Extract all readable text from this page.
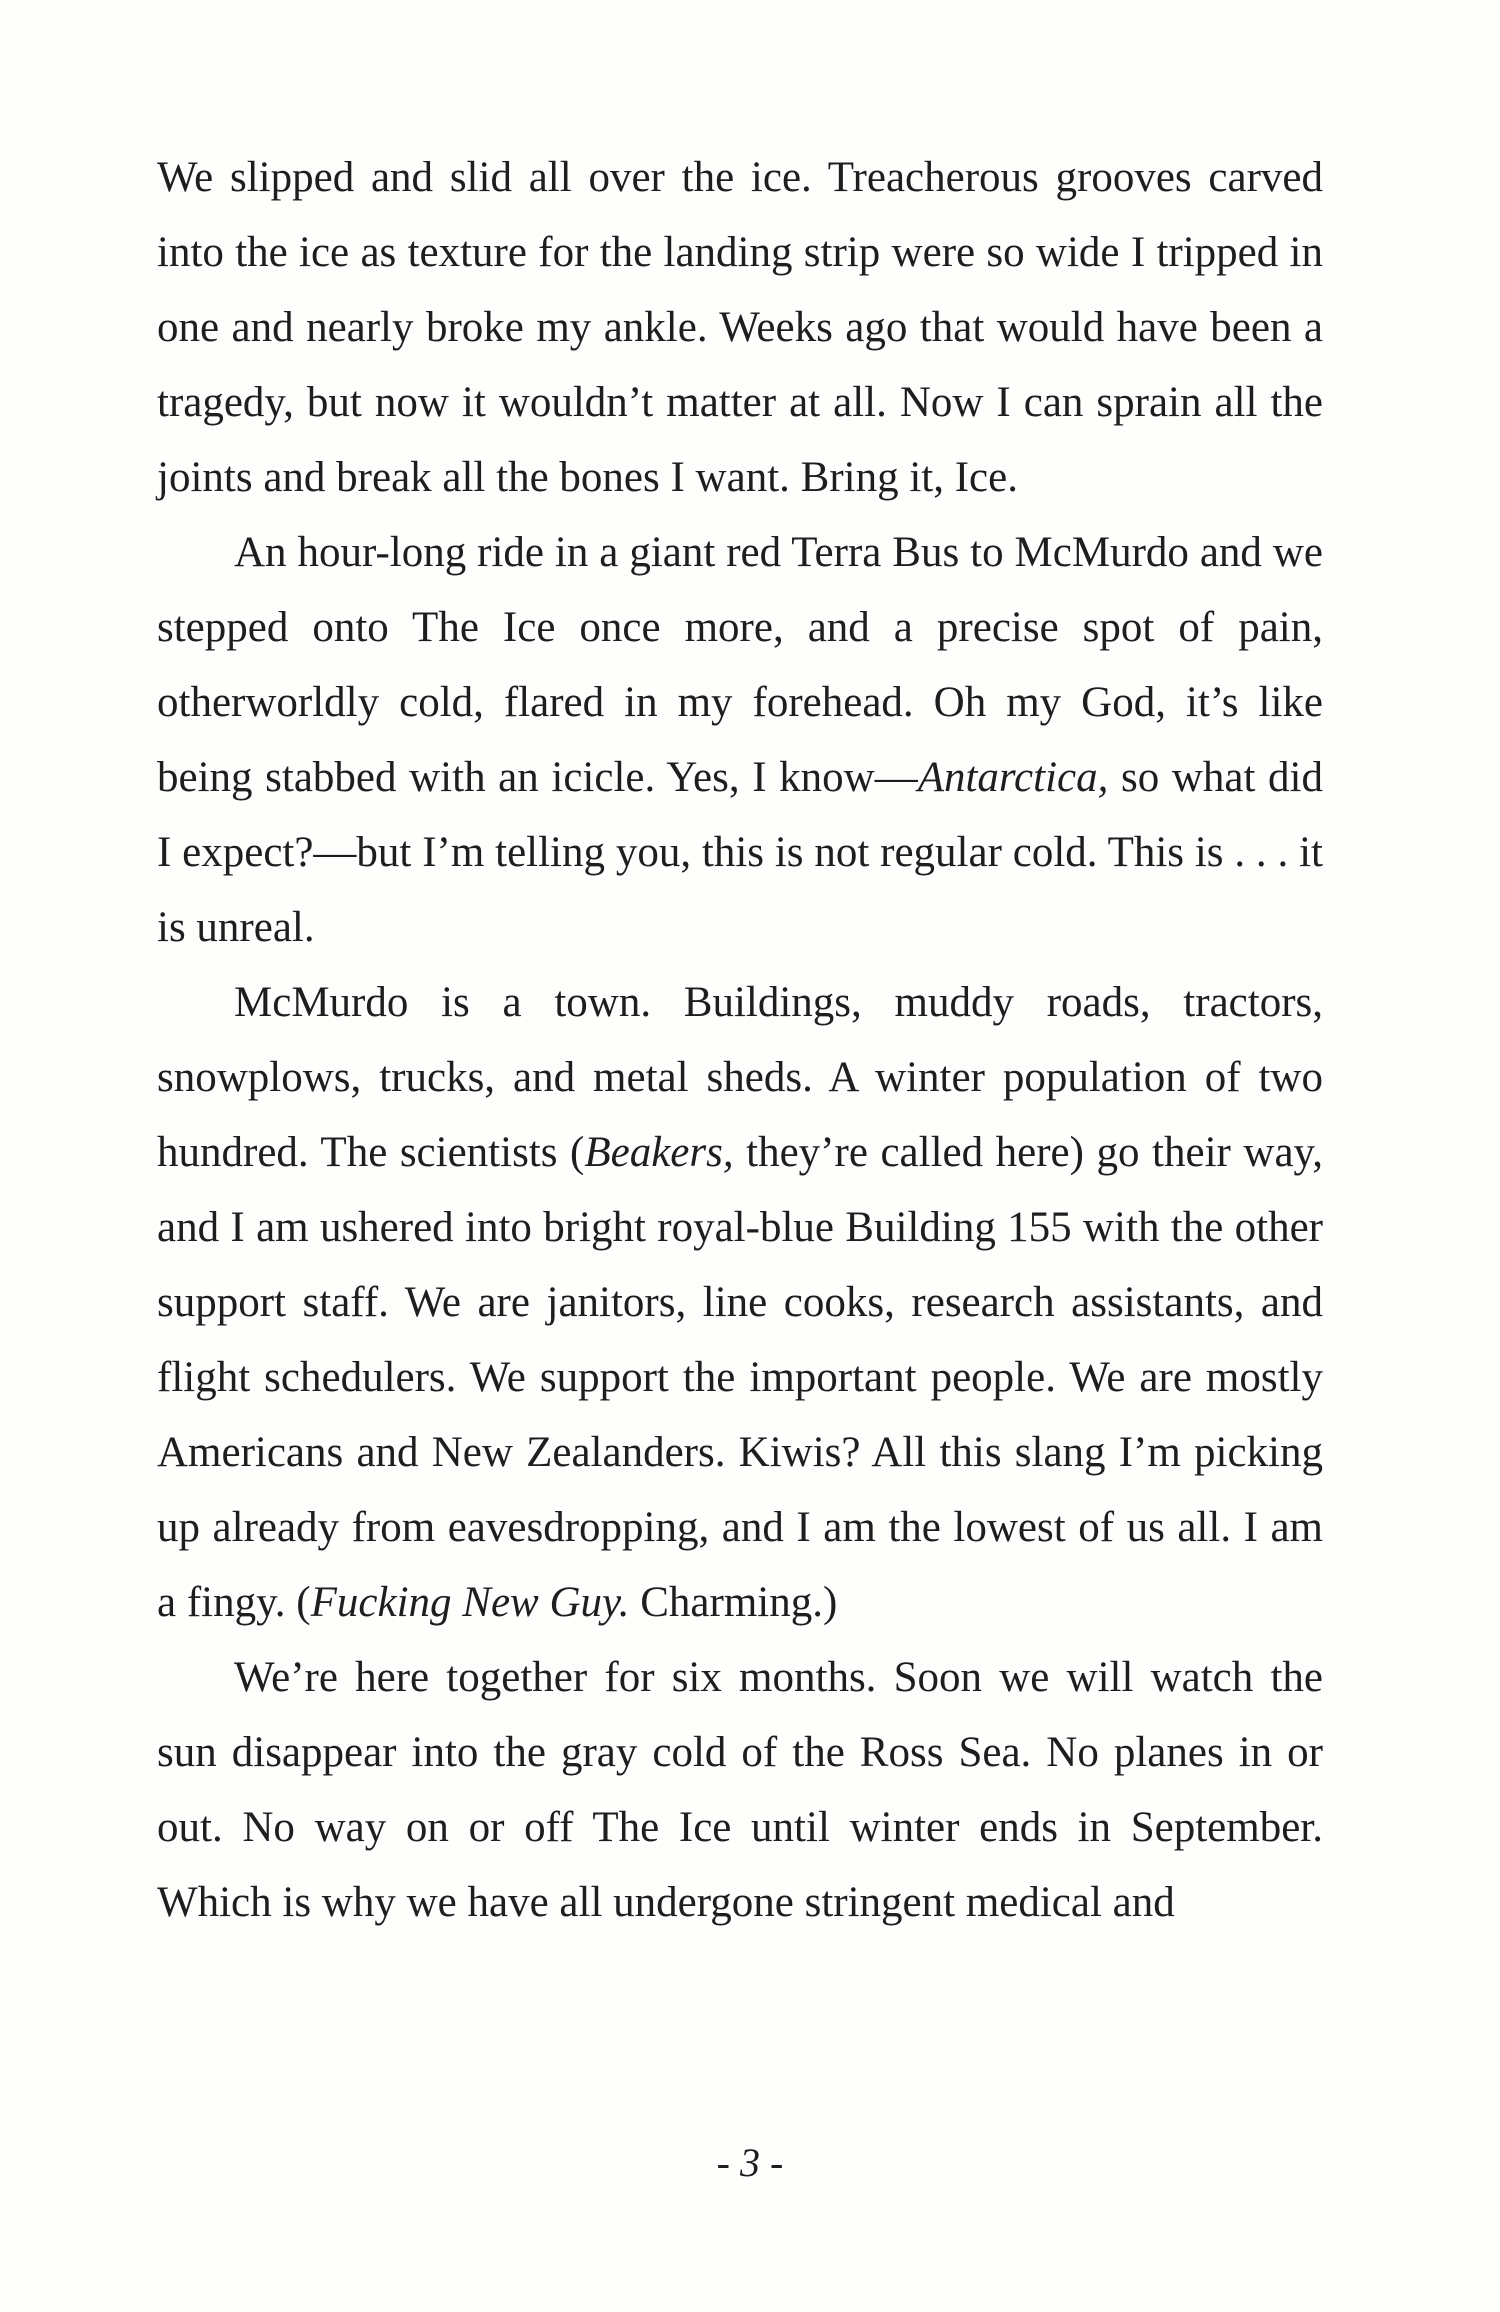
We slipped and slid all over the ice. Treacherous grooves carved into the ice as texture for the landing strip were so wide I tripped in one and nearly broke my ankle. Weeks ago that would have been a tragedy, but now it wouldn’t matter at all. Now I can sprain all the joints and break all the bones I want. Bring it, Ice.

An hour-long ride in a giant red Terra Bus to McMurdo and we stepped onto The Ice once more, and a precise spot of pain, otherworldly cold, flared in my forehead. Oh my God, it’s like being stabbed with an icicle. Yes, I know—Antarctica, so what did I expect?—but I’m telling you, this is not regular cold. This is . . . it is unreal.

McMurdo is a town. Buildings, muddy roads, tractors, snowplows, trucks, and metal sheds. A winter population of two hundred. The scientists (Beakers, they’re called here) go their way, and I am ushered into bright royal-blue Building 155 with the other support staff. We are janitors, line cooks, research assistants, and flight schedulers. We support the important people. We are mostly Americans and New Zealanders. Kiwis? All this slang I’m picking up already from eavesdropping, and I am the lowest of us all. I am a fingy. (Fucking New Guy. Charming.)

We’re here together for six months. Soon we will watch the sun disappear into the gray cold of the Ross Sea. No planes in or out. No way on or off The Ice until winter ends in September. Which is why we have all undergone stringent medical and

- 3 -
